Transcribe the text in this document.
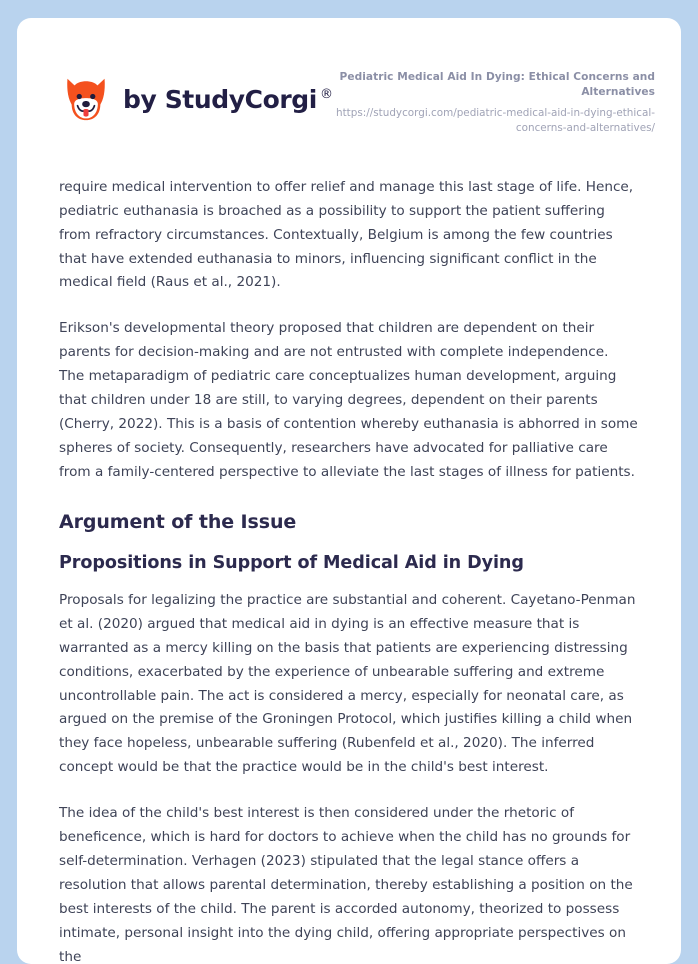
by StudyCorgi ®
Pediatric Medical Aid In Dying: Ethical Concerns and Alternatives
https://studycorgi.com/pediatric-medical-aid-in-dying-ethical-concerns-and-alternatives/

require medical intervention to offer relief and manage this last stage of life. Hence, pediatric euthanasia is broached as a possibility to support the patient suffering from refractory circumstances. Contextually, Belgium is among the few countries that have extended euthanasia to minors, influencing significant conflict in the medical field (Raus et al., 2021).

Erikson's developmental theory proposed that children are dependent on their parents for decision-making and are not entrusted with complete independence. The metaparadigm of pediatric care conceptualizes human development, arguing that children under 18 are still, to varying degrees, dependent on their parents (Cherry, 2022). This is a basis of contention whereby euthanasia is abhorred in some spheres of society. Consequently, researchers have advocated for palliative care from a family-centered perspective to alleviate the last stages of illness for patients.

Argument of the Issue
Propositions in Support of Medical Aid in Dying

Proposals for legalizing the practice are substantial and coherent. Cayetano-Penman et al. (2020) argued that medical aid in dying is an effective measure that is warranted as a mercy killing on the basis that patients are experiencing distressing conditions, exacerbated by the experience of unbearable suffering and extreme uncontrollable pain. The act is considered a mercy, especially for neonatal care, as argued on the premise of the Groningen Protocol, which justifies killing a child when they face hopeless, unbearable suffering (Rubenfeld et al., 2020). The inferred concept would be that the practice would be in the child's best interest.

The idea of the child's best interest is then considered under the rhetoric of beneficence, which is hard for doctors to achieve when the child has no grounds for self-determination. Verhagen (2023) stipulated that the legal stance offers a resolution that allows parental determination, thereby establishing a position on the best interests of the child. The parent is accorded autonomy, theorized to possess intimate, personal insight into the dying child, offering appropriate perspectives on the
